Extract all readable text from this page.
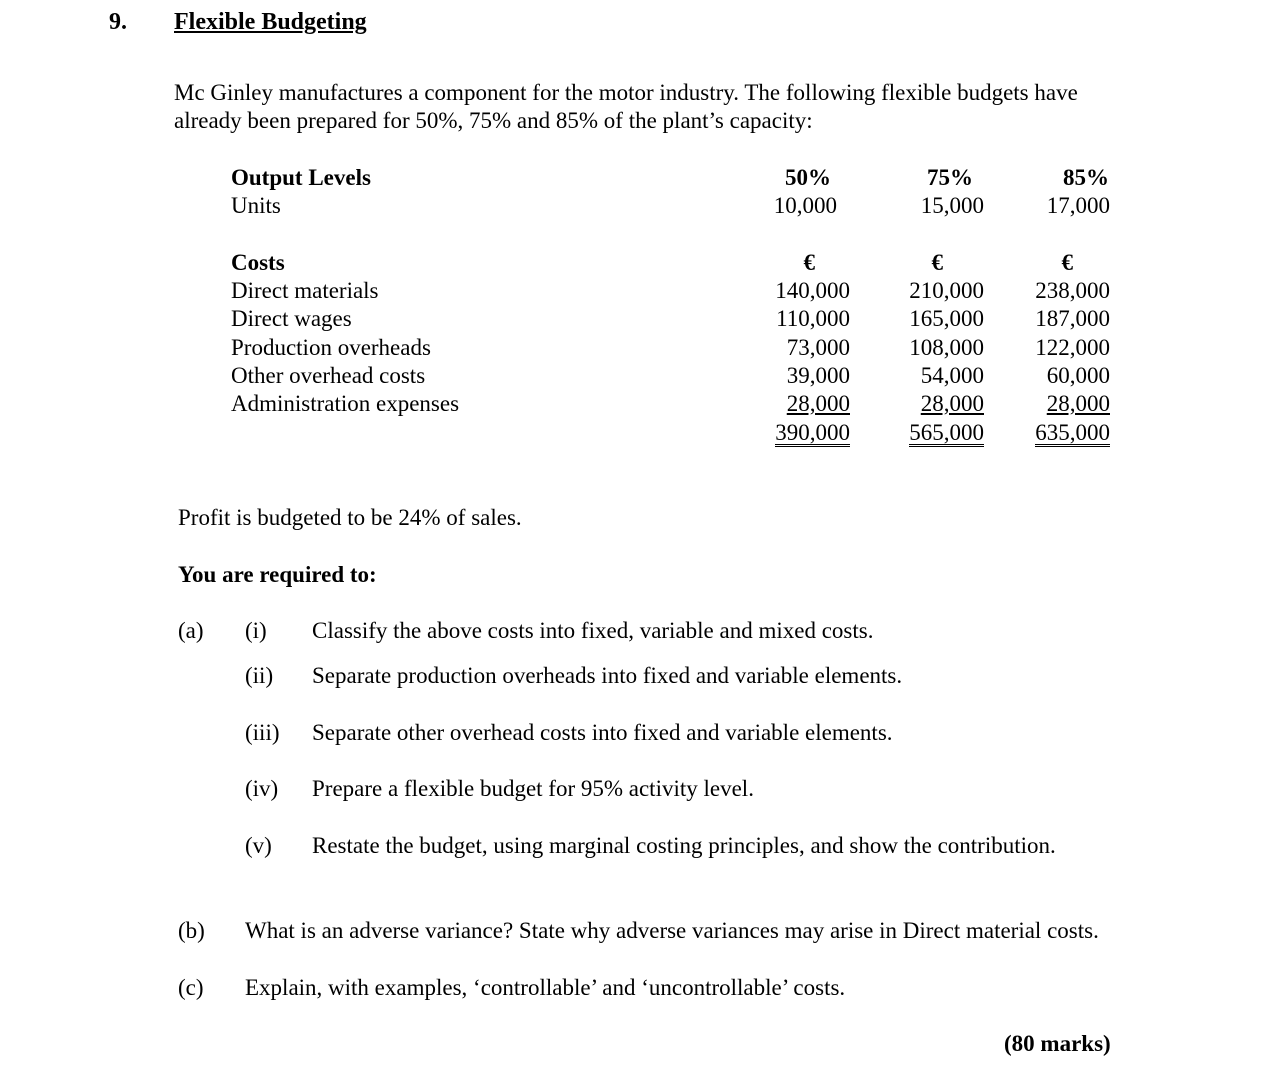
9. Flexible Budgeting
Mc Ginley manufactures a component for the motor industry. The following flexible budgets have
already been prepared for 50%, 75% and 85% of the plant’s capacity:
Output Levels
Units
Costs
Direct materials
Direct wages
Production overheads
Other overhead costs
Administration expenses
50%
10,000
€
140,000
110,000
73,000
39,000
28,000
390,000
75%
15,000
€
210,000
165,000
108,000
54,000
28,000
565,000
85%
17,000
€
238,000
187,000
122,000
60,000
28,000
635,000
Profit is budgeted to be 24% of sales.
You are required to:
(a) (i) Classify the above costs into fixed, variable and mixed costs.
(ii) Separate production overheads into fixed and variable elements.
(iii) Separate other overhead costs into fixed and variable elements.
(iv) Prepare a flexible budget for 95% activity level.
(v) Restate the budget, using marginal costing principles, and show the contribution.
(b) What is an adverse variance? State why adverse variances may arise in Direct material costs.
(c) Explain, with examples, ‘controllable’ and ‘uncontrollable’ costs.
(80 marks)
